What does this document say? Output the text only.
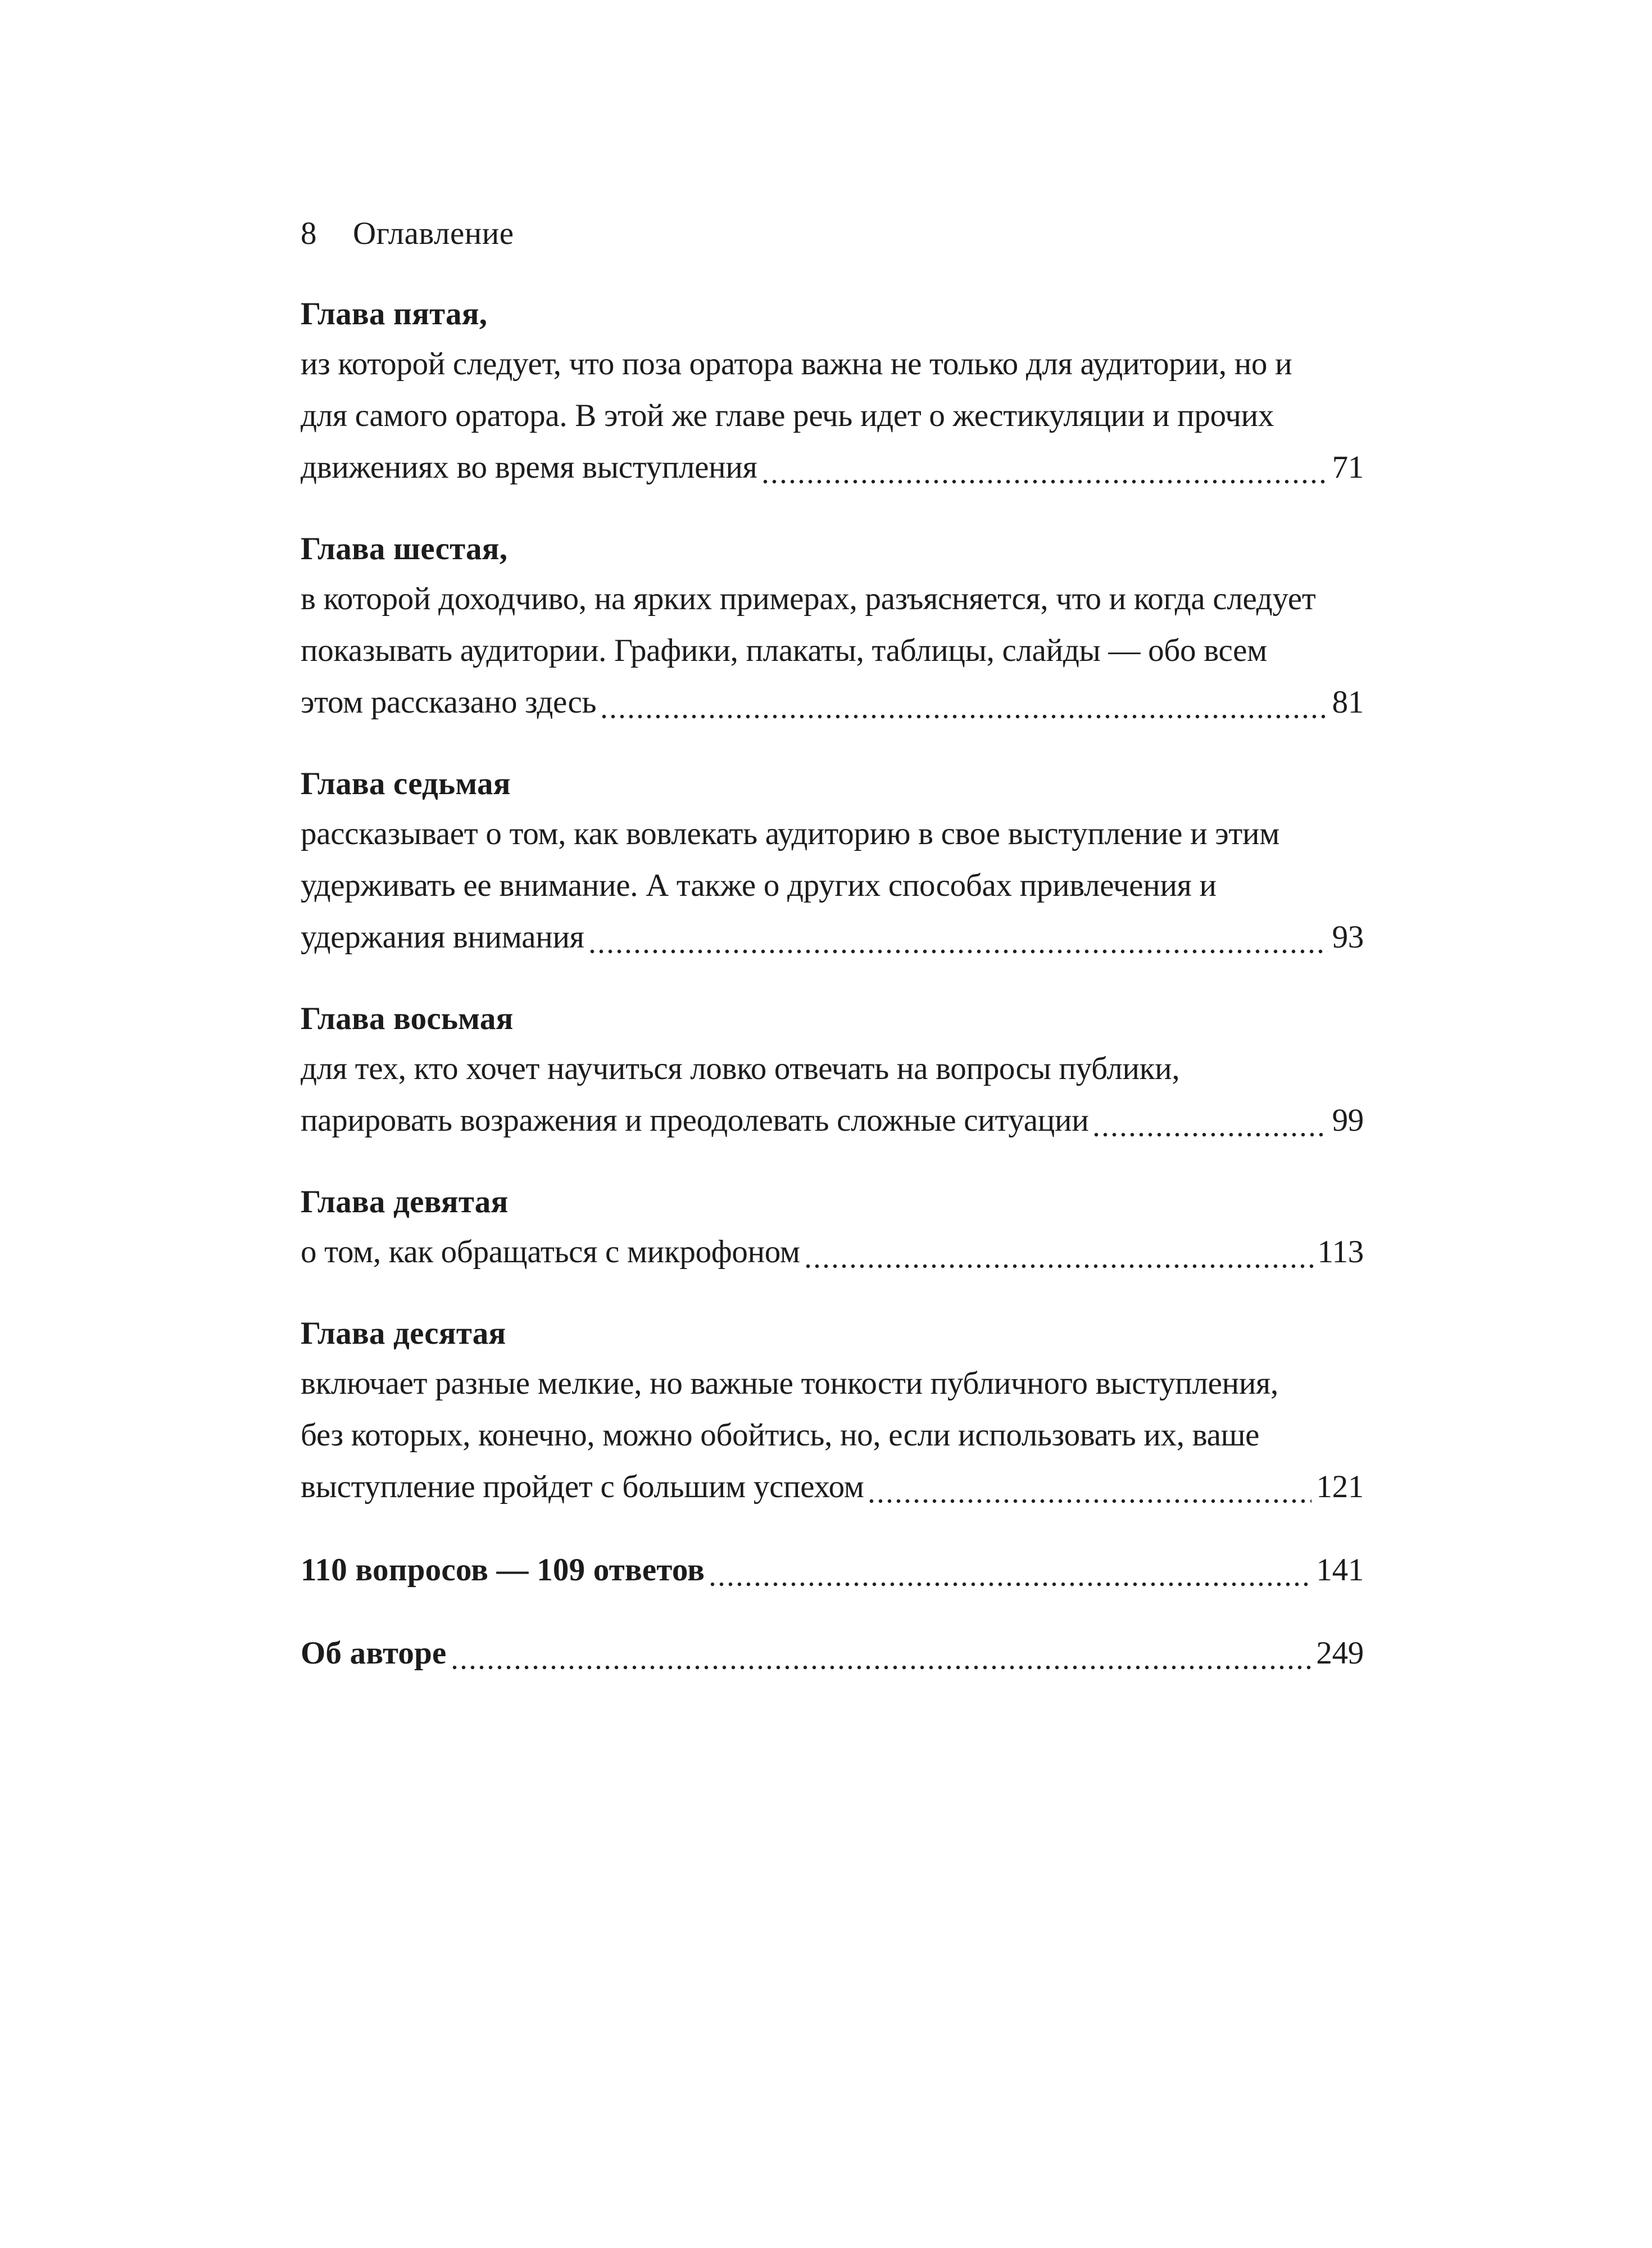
8 Оглавление
Глава пятая,
из которой следует, что поза оратора важна не только для аудитории, но и
для самого оратора. В этой же главе речь идет о жестикуляции и прочих
движениях во время выступления	71
Глава шестая,
в которой доходчиво, на ярких примерах, разъясняется, что и когда следует
показывать аудитории. Графики, плакаты, таблицы, слайды — обо всем
этом рассказано здесь	81
Глава седьмая
рассказывает о том, как вовлекать аудиторию в свое выступление и этим
удерживать ее внимание. А также о других способах привлечения и
удержания внимания	93
Глава восьмая
для тех, кто хочет научиться ловко отвечать на вопросы публики,
парировать возражения и преодолевать сложные ситуации	99
Глава девятая
о том, как обращаться с микрофоном	113
Глава десятая
включает разные мелкие, но важные тонкости публичного выступления,
без которых, конечно, можно обойтись, но, если использовать их, ваше
выступление пройдет с большим успехом	121
110 вопросов — 109 ответов	141
Об авторе	249
